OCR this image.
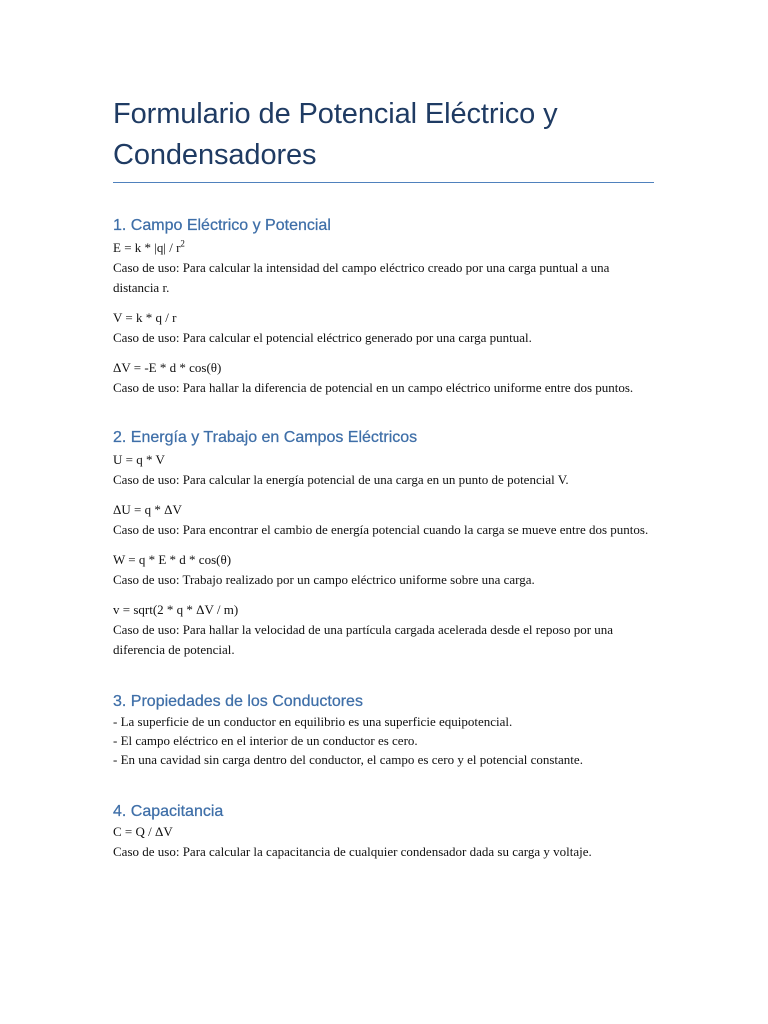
Formulario de Potencial Eléctrico y Condensadores
1. Campo Eléctrico y Potencial

$E = k * |q| / r^2$

Caso de uso: Para calcular la intensidad del campo eléctrico creado por una carga puntual a una distancia r.

V = k * q / r

Caso de uso: Para calcular el potencial eléctrico generado por una carga puntual.

ΔV = -E * d * cos(θ)

Caso de uso: Para hallar la diferencia de potencial en un campo eléctrico uniforme entre dos puntos.

2. Energía y Trabajo en Campos Eléctricos

U = q * V

Caso de uso: Para calcular la energía potencial de una carga en un punto de potencial V.

ΔU = q * ΔV

Caso de uso: Para encontrar el cambio de energía potencial cuando la carga se mueve entre dos puntos.

W = q * E * d * cos(θ)

Caso de uso: Trabajo realizado por un campo eléctrico uniforme sobre una carga.

v = sqrt(2 * q * ΔV / m)

Caso de uso: Para hallar la velocidad de una partícula cargada acelerada desde el reposo por una diferencia de potencial.

3. Propiedades de los Conductores

- La superficie de un conductor en equilibrio es una superficie equipotencial.

- El campo eléctrico en el interior de un conductor es cero.

- En una cavidad sin carga dentro del conductor, el campo es cero y el potencial constante.

4. Capacitancia

C = Q / ΔV

Caso de uso: Para calcular la capacitancia de cualquier condensador dada su carga y voltaje.
